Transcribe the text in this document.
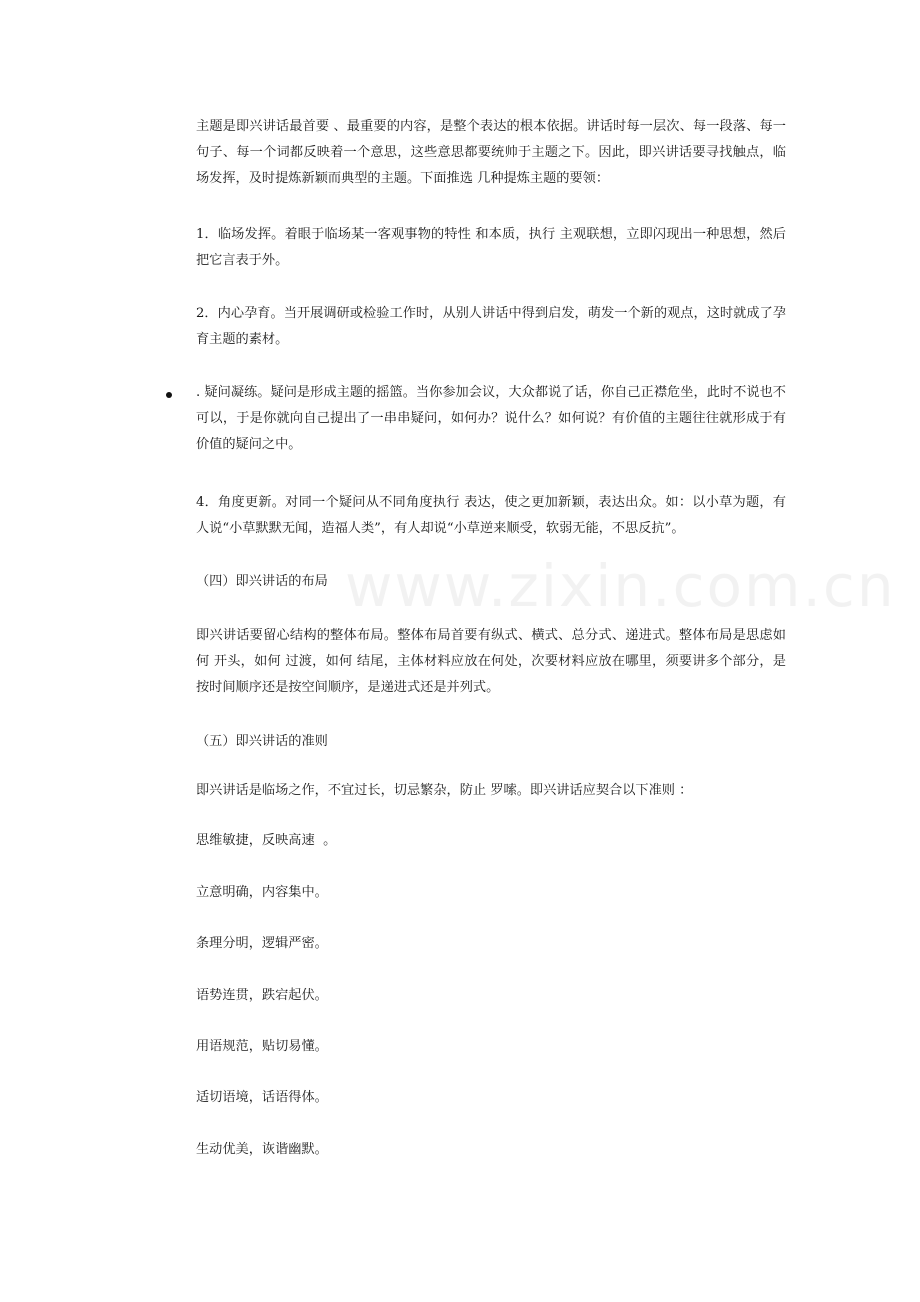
www.zixin.com.cn

主题是即兴讲话最首要 、最重要的内容，是整个表达的根本依据。讲话时每一层次、每一段落、每一句子、每一个词都反映着一个意思，这些意思都要统帅于主题之下。因此，即兴讲话要寻找触点，临场发挥，及时提炼新颖而典型的主题。下面推选 几种提炼主题的要领：

1．临场发挥。着眼于临场某一客观事物的特性 和本质，执行 主观联想，立即闪现出一种思想，然后把它言表于外。

2．内心孕育。当开展调研或检验工作时，从别人讲话中得到启发，萌发一个新的观点，这时就成了孕育主题的素材。

. 疑问凝练。疑问是形成主题的摇篮。当你参加会议，大众都说了话，你自己正襟危坐，此时不说也不可以，于是你就向自己提出了一串串疑问，如何办？说什么？如何说？有价值的主题往往就形成于有价值的疑问之中。

4．角度更新。对同一个疑问从不同角度执行 表达，使之更加新颖，表达出众。如：以小草为题，有人说“小草默默无闻，造福人类”，有人却说“小草逆来顺受，软弱无能，不思反抗”。

（四）即兴讲话的布局

即兴讲话要留心结构的整体布局。整体布局首要有纵式、横式、总分式、递进式。整体布局是思虑如何 开头，如何 过渡，如何 结尾，主体材料应放在何处，次要材料应放在哪里，须要讲多个部分，是按时间顺序还是按空间顺序，是递进式还是并列式。

（五）即兴讲话的准则

即兴讲话是临场之作，不宜过长，切忌繁杂，防止 罗嗦。即兴讲话应契合以下准则 ：

思维敏捷，反映高速  。

立意明确，内容集中。

条理分明，逻辑严密。

语势连贯，跌宕起伏。

用语规范，贴切易懂。

适切语境，话语得体。

生动优美，诙谐幽默。
